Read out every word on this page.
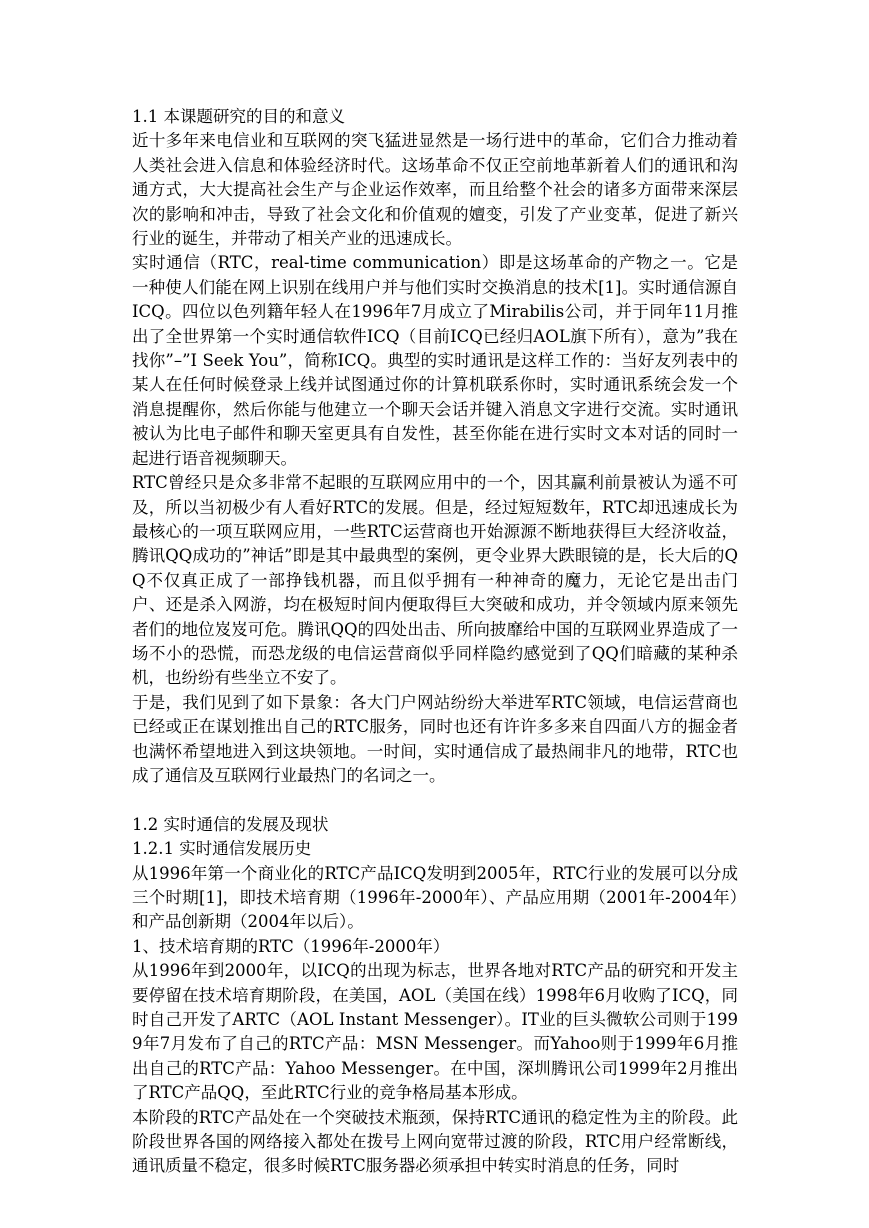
1.1 本课题研究的目的和意义

近十多年来电信业和互联网的突飞猛进显然是一场行进中的革命，它们合力推动着人类社会进入信息和体验经济时代。这场革命不仅正空前地革新着人们的通讯和沟通方式，大大提高社会生产与企业运作效率，而且给整个社会的诸多方面带来深层次的影响和冲击，导致了社会文化和价值观的嬗变，引发了产业变革，促进了新兴行业的诞生，并带动了相关产业的迅速成长。

实时通信（RTC，real-time communication）即是这场革命的产物之一。它是一种使人们能在网上识别在线用户并与他们实时交换消息的技术[1]。实时通信源自ICQ。四位以色列籍年轻人在1996年7月成立了Mirabilis公司，并于同年11月推出了全世界第一个实时通信软件ICQ（目前ICQ已经归AOL旗下所有），意为”我在找你”–”I Seek You”，简称ICQ。典型的实时通讯是这样工作的：当好友列表中的某人在任何时候登录上线并试图通过你的计算机联系你时，实时通讯系统会发一个消息提醒你，然后你能与他建立一个聊天会话并键入消息文字进行交流。实时通讯被认为比电子邮件和聊天室更具有自发性，甚至你能在进行实时文本对话的同时一起进行语音视频聊天。

RTC曾经只是众多非常不起眼的互联网应用中的一个，因其赢利前景被认为遥不可及，所以当初极少有人看好RTC的发展。但是，经过短短数年，RTC却迅速成长为最核心的一项互联网应用，一些RTC运营商也开始源源不断地获得巨大经济收益，腾讯QQ成功的”神话”即是其中最典型的案例，更令业界大跌眼镜的是，长大后的QQ不仅真正成了一部挣钱机器，而且似乎拥有一种神奇的魔力，无论它是出击门户、还是杀入网游，均在极短时间内便取得巨大突破和成功，并令领域内原来领先者们的地位岌岌可危。腾讯QQ的四处出击、所向披靡给中国的互联网业界造成了一场不小的恐慌，而恐龙级的电信运营商似乎同样隐约感觉到了QQ们暗藏的某种杀机，也纷纷有些坐立不安了。

于是，我们见到了如下景象：各大门户网站纷纷大举进军RTC领域，电信运营商也已经或正在谋划推出自己的RTC服务，同时也还有许许多多来自四面八方的掘金者也满怀希望地进入到这块领地。一时间，实时通信成了最热闹非凡的地带，RTC也成了通信及互联网行业最热门的名词之一。

1.2 实时通信的发展及现状
1.2.1 实时通信发展历史

从1996年第一个商业化的RTC产品ICQ发明到2005年，RTC行业的发展可以分成三个时期[1]，即技术培育期（1996年-2000年）、产品应用期（2001年-2004年）和产品创新期（2004年以后）。

1、技术培育期的RTC（1996年-2000年）

从1996年到2000年，以ICQ的出现为标志，世界各地对RTC产品的研究和开发主要停留在技术培育期阶段，在美国，AOL（美国在线）1998年6月收购了ICQ，同时自己开发了ARTC（AOL Instant Messenger）。IT业的巨头微软公司则于1999年7月发布了自己的RTC产品：MSN Messenger。而Yahoo则于1999年6月推出自己的RTC产品：Yahoo Messenger。在中国，深圳腾讯公司1999年2月推出了RTC产品QQ，至此RTC行业的竞争格局基本形成。

本阶段的RTC产品处在一个突破技术瓶颈，保持RTC通讯的稳定性为主的阶段。此阶段世界各国的网络接入都处在拨号上网向宽带过渡的阶段，RTC用户经常断线，通讯质量不稳定，很多时候RTC服务器必须承担中转实时消息的任务，同时
